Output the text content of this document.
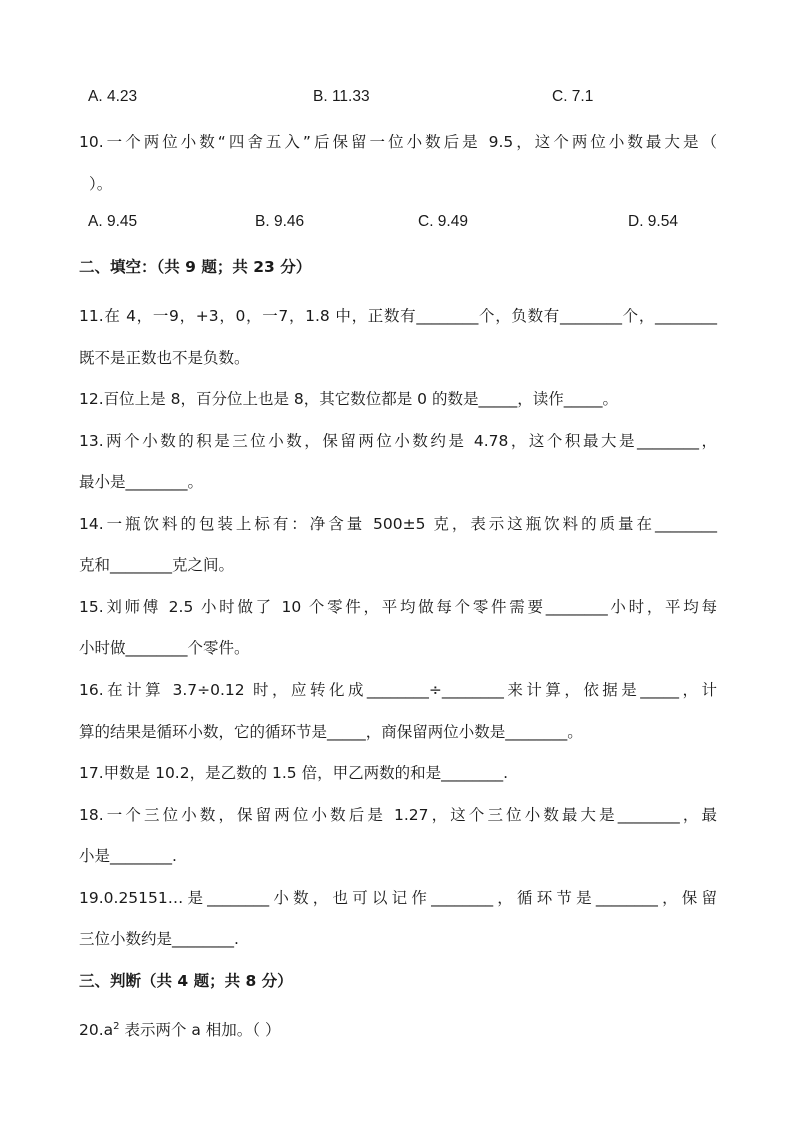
A. 4.23	B. 11.33	C. 7.1
10.一个两位小数“四舍五入”后保留一位小数后是 9.5，这个两位小数最大是（
）。
A. 9.45	B. 9.46	C. 9.49	D. 9.54
二、填空：（共 9 题；共 23 分）
11.在 4，一9，+3，0，一7，1.8 中，正数有________个，负数有________个，________
既不是正数也不是负数。
12.百位上是 8，百分位上也是 8，其它数位都是 0 的数是_____，读作_____。
13.两个小数的积是三位小数，保留两位小数约是 4.78，这个积最大是________，
最小是________。
14.一瓶饮料的包装上标有：净含量 500±5 克，表示这瓶饮料的质量在________
克和________克之间。
15.刘师傅 2.5 小时做了 10 个零件，平均做每个零件需要________小时，平均每
小时做________个零件。
16.在计算 3.7÷0.12 时，应转化成________÷________来计算，依据是_____，计
算的结果是循环小数，它的循环节是_____，商保留两位小数是________。
17.甲数是 10.2，是乙数的 1.5 倍，甲乙两数的和是________.
18.一个三位小数，保留两位小数后是 1.27，这个三位小数最大是________，最
小是________.
19.0.25151…是________小数，也可以记作________，循环节是________，保留
三位小数约是________.
三、判断（共 4 题；共 8 分）
$20.a^2$ 表示两个 a 相加。（ ）
